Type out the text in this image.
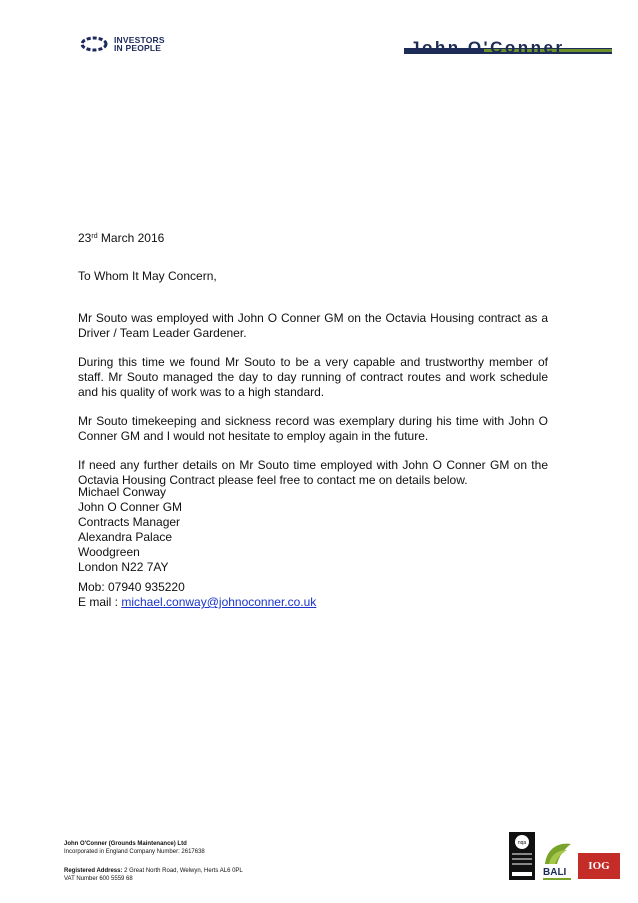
INVESTORS
IN PEOPLE	John O'Conner

23rd March 2016

To Whom It May Concern,

Mr Souto was employed with John O Conner GM on the Octavia Housing contract as a Driver / Team Leader Gardener.

During this time we found Mr Souto to be a very capable and trustworthy member of staff. Mr Souto managed the day to day running of contract routes and work schedule and his quality of work was to a high standard.

Mr Souto timekeeping and sickness record was exemplary during his time with John O Conner GM and I would not hesitate to employ again in the future.

If need any further details on Mr Souto time employed with John O Conner GM on the Octavia Housing Contract please feel free to contact me on details below.

Michael Conway
John O Conner GM
Contracts Manager
Alexandra Palace
Woodgreen
London N22 7AY
Mob: 07940 935220
E mail : michael.conway@johnoconner.co.uk
John O'Conner (Grounds Maintenance) Ltd
Incorporated in England Company Number: 2617638
Registered Address: 2 Great North Road, Welwyn, Herts AL6 0PL
VAT Number 600 5559 68
nqa
BALI
IOG
